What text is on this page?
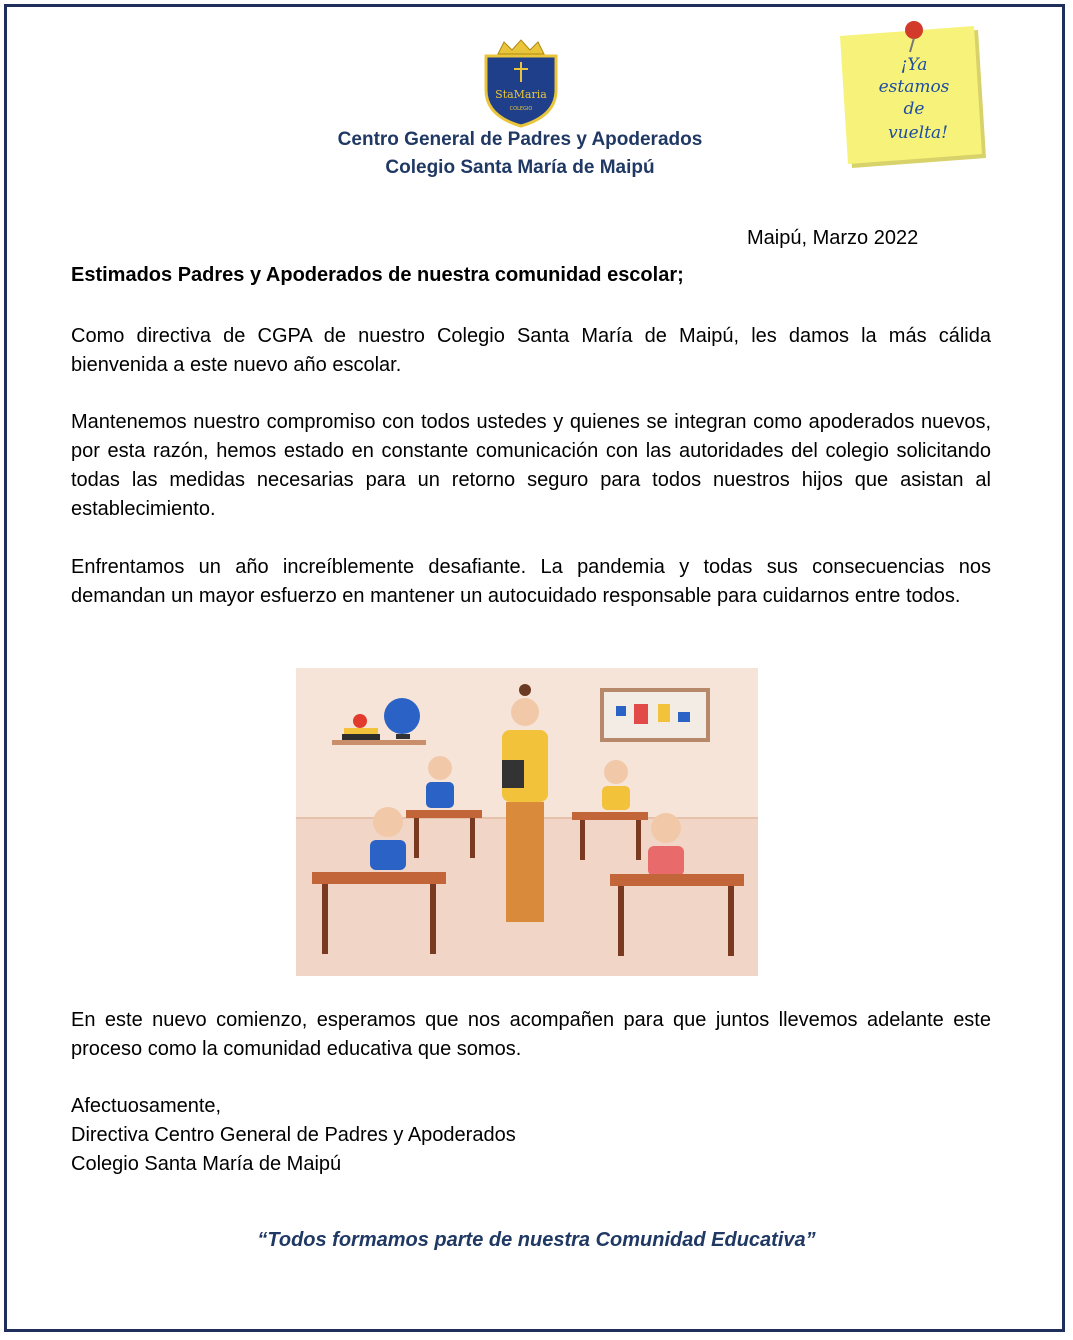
StaMaria
COLEGIO
Centro General de Padres y Apoderados
Colegio Santa María de Maipú
¡Ya
estamos
de
vuelta!
Maipú, Marzo 2022
Estimados Padres y Apoderados de nuestra comunidad escolar;
Como directiva de CGPA de nuestro Colegio Santa María de Maipú, les damos la más cálida bienvenida a este nuevo año escolar.
Mantenemos nuestro compromiso con todos ustedes y quienes se integran como apoderados nuevos, por esta razón, hemos estado en constante comunicación con las autoridades del colegio solicitando todas las medidas necesarias para un retorno seguro para todos nuestros hijos que asistan al establecimiento.
Enfrentamos un año increíblemente desafiante. La pandemia y todas sus consecuencias nos demandan un mayor esfuerzo en mantener un autocuidado responsable para cuidarnos entre todos.
En este nuevo comienzo, esperamos que nos acompañen para que juntos llevemos adelante este proceso como la comunidad educativa que somos.
Afectuosamente,
Directiva Centro General de Padres y Apoderados
Colegio Santa María de Maipú
“Todos formamos parte de nuestra Comunidad Educativa”
